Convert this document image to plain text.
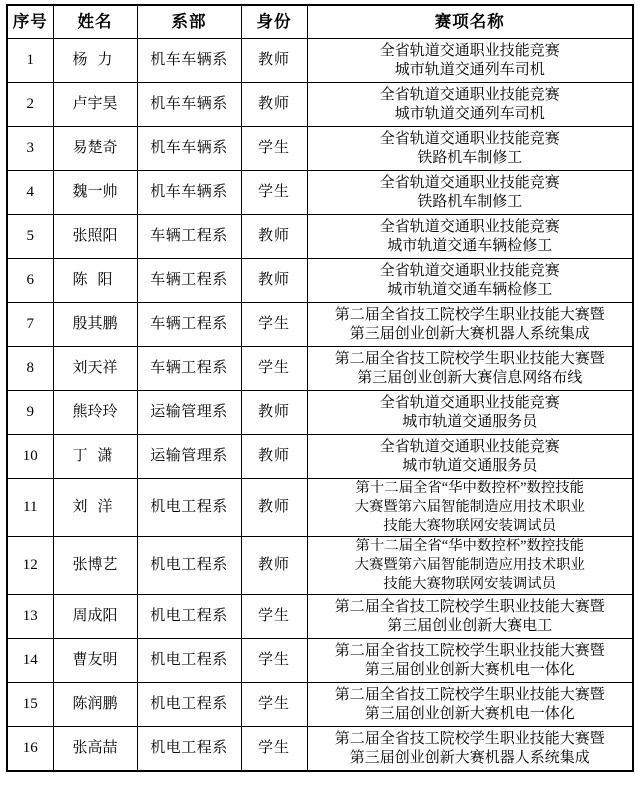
序号	姓名	系部	身份	赛项名称
1	杨力	机车车辆系	教师	全省轨道交通职业技能竞赛
城市轨道交通列车司机

2	卢宇昊	机车车辆系	教师	全省轨道交通职业技能竞赛
城市轨道交通列车司机

3	易楚奇	机车车辆系	学生	全省轨道交通职业技能竞赛
铁路机车制修工

4	魏一帅	机车车辆系	学生	全省轨道交通职业技能竞赛
铁路机车制修工

5	张照阳	车辆工程系	教师	全省轨道交通职业技能竞赛
城市轨道交通车辆检修工

6	陈阳	车辆工程系	教师	全省轨道交通职业技能竞赛
城市轨道交通车辆检修工

7	殷其鹏	车辆工程系	学生	第二届全省技工院校学生职业技能大赛暨
第三届创业创新大赛机器人系统集成

8	刘天祥	车辆工程系	学生	第二届全省技工院校学生职业技能大赛暨
第三届创业创新大赛信息网络布线

9	熊玲玲	运输管理系	教师	全省轨道交通职业技能竞赛
城市轨道交通服务员

10	丁潇	运输管理系	教师	全省轨道交通职业技能竞赛
城市轨道交通服务员

11	刘洋	机电工程系	教师	第十二届全省“华中数控杯”数控技能
大赛暨第六届智能制造应用技术职业
技能大赛物联网安装调试员

12	张博艺	机电工程系	教师	第十二届全省“华中数控杯”数控技能
大赛暨第六届智能制造应用技术职业
技能大赛物联网安装调试员

13	周成阳	机电工程系	学生	第二届全省技工院校学生职业技能大赛暨
第三届创业创新大赛电工

14	曹友明	机电工程系	学生	第二届全省技工院校学生职业技能大赛暨
第三届创业创新大赛机电一体化

15	陈润鹏	机电工程系	学生	第二届全省技工院校学生职业技能大赛暨
第三届创业创新大赛机电一体化

16	张高喆	机电工程系	学生	第二届全省技工院校学生职业技能大赛暨
第三届创业创新大赛机器人系统集成
